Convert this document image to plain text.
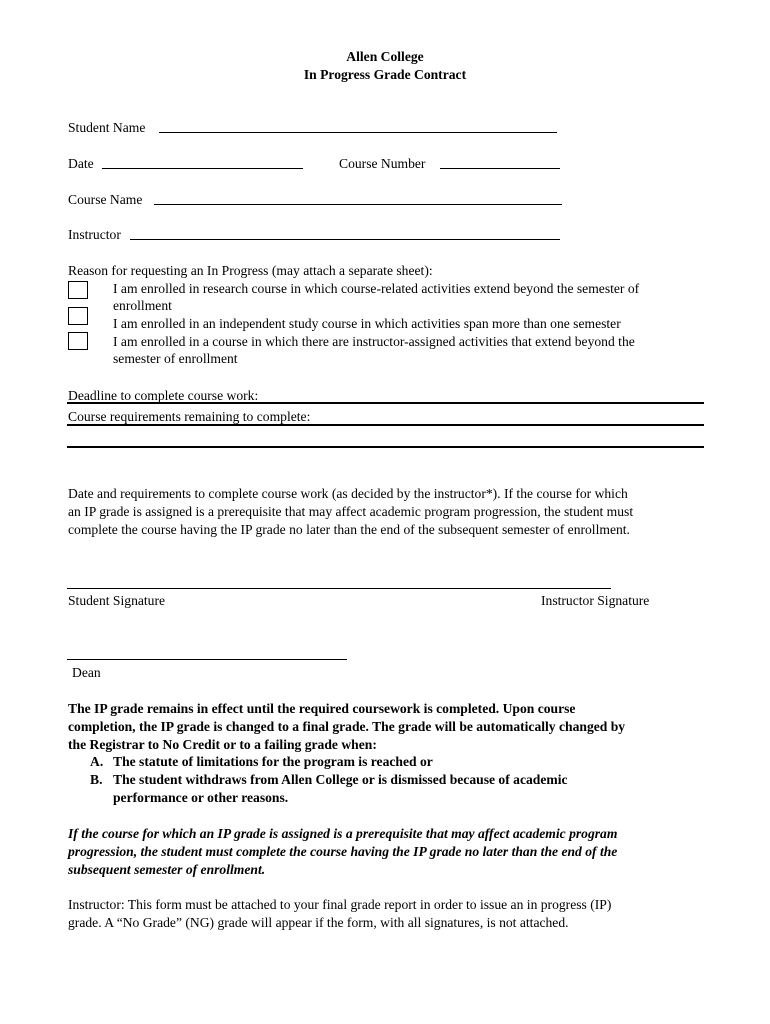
Allen College
In Progress Grade Contract
Student Name
Date	Course Number
Course Name
Instructor
Reason for requesting an In Progress (may attach a separate sheet):
I am enrolled in research course in which course-related activities extend beyond the semester of
enrollment
I am enrolled in an independent study course in which activities span more than one semester
I am enrolled in a course in which there are instructor-assigned activities that extend beyond the
semester of enrollment
Deadline to complete course work:
Course requirements remaining to complete:
Date and requirements to complete course work (as decided by the instructor*). If the course for which
an IP grade is assigned is a prerequisite that may affect academic program progression, the student must
complete the course having the IP grade no later than the end of the subsequent semester of enrollment.
Student Signature	Instructor Signature
Dean
The IP grade remains in effect until the required coursework is completed. Upon course
completion, the IP grade is changed to a final grade. The grade will be automatically changed by
the Registrar to No Credit or to a failing grade when:
A. The statute of limitations for the program is reached or
B. The student withdraws from Allen College or is dismissed because of academic
performance or other reasons.
If the course for which an IP grade is assigned is a prerequisite that may affect academic program
progression, the student must complete the course having the IP grade no later than the end of the
subsequent semester of enrollment.
Instructor: This form must be attached to your final grade report in order to issue an in progress (IP)
grade. A “No Grade” (NG) grade will appear if the form, with all signatures, is not attached.
